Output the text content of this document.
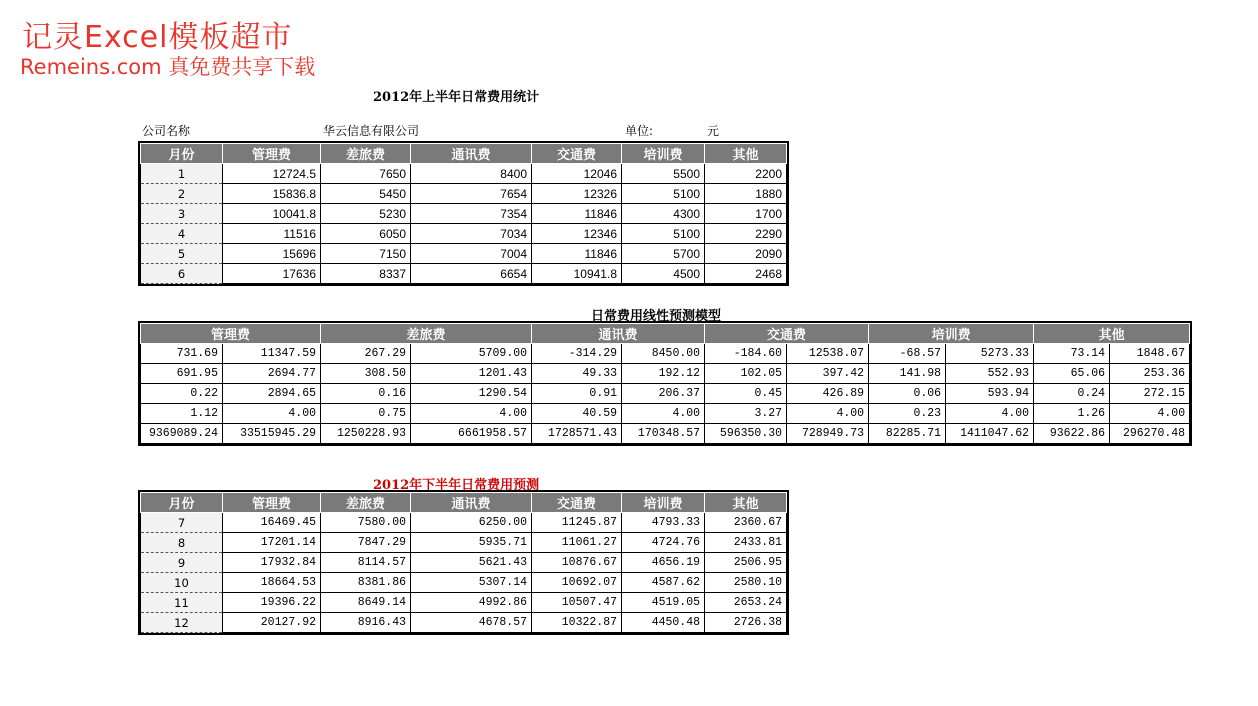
记灵Excel模板超市
Remeins.com 真免费共享下载
2012年上半年日常费用统计
公司名称	华云信息有限公司	单位:	元
月份	管理费	差旅费	通讯费	交通费	培训费	其他
1	12724.5	7650	8400	12046	5500	2200
2	15836.8	5450	7654	12326	5100	1880
3	10041.8	5230	7354	11846	4300	1700
4	11516	6050	7034	12346	5100	2290
5	15696	7150	7004	11846	5700	2090
6	17636	8337	6654	10941.8	4500	2468
日常费用线性预测模型
管理费		差旅费		通讯费		交通费		培训费		其他	
731.69	11347.59	267.29	5709.00	-314.29	8450.00	-184.60	12538.07	-68.57	5273.33	73.14	1848.67
691.95	2694.77	308.50	1201.43	49.33	192.12	102.05	397.42	141.98	552.93	65.06	253.36
0.22	2894.65	0.16	1290.54	0.91	206.37	0.45	426.89	0.06	593.94	0.24	272.15
1.12	4.00	0.75	4.00	40.59	4.00	3.27	4.00	0.23	4.00	1.26	4.00
9369089.24	33515945.29	1250228.93	6661958.57	1728571.43	170348.57	596350.30	728949.73	82285.71	1411047.62	93622.86	296270.48
2012年下半年日常费用预测
月份	管理费	差旅费	通讯费	交通费	培训费	其他
7	16469.45	7580.00	6250.00	11245.87	4793.33	2360.67
8	17201.14	7847.29	5935.71	11061.27	4724.76	2433.81
9	17932.84	8114.57	5621.43	10876.67	4656.19	2506.95
10	18664.53	8381.86	5307.14	10692.07	4587.62	2580.10
11	19396.22	8649.14	4992.86	10507.47	4519.05	2653.24
12	20127.92	8916.43	4678.57	10322.87	4450.48	2726.38
